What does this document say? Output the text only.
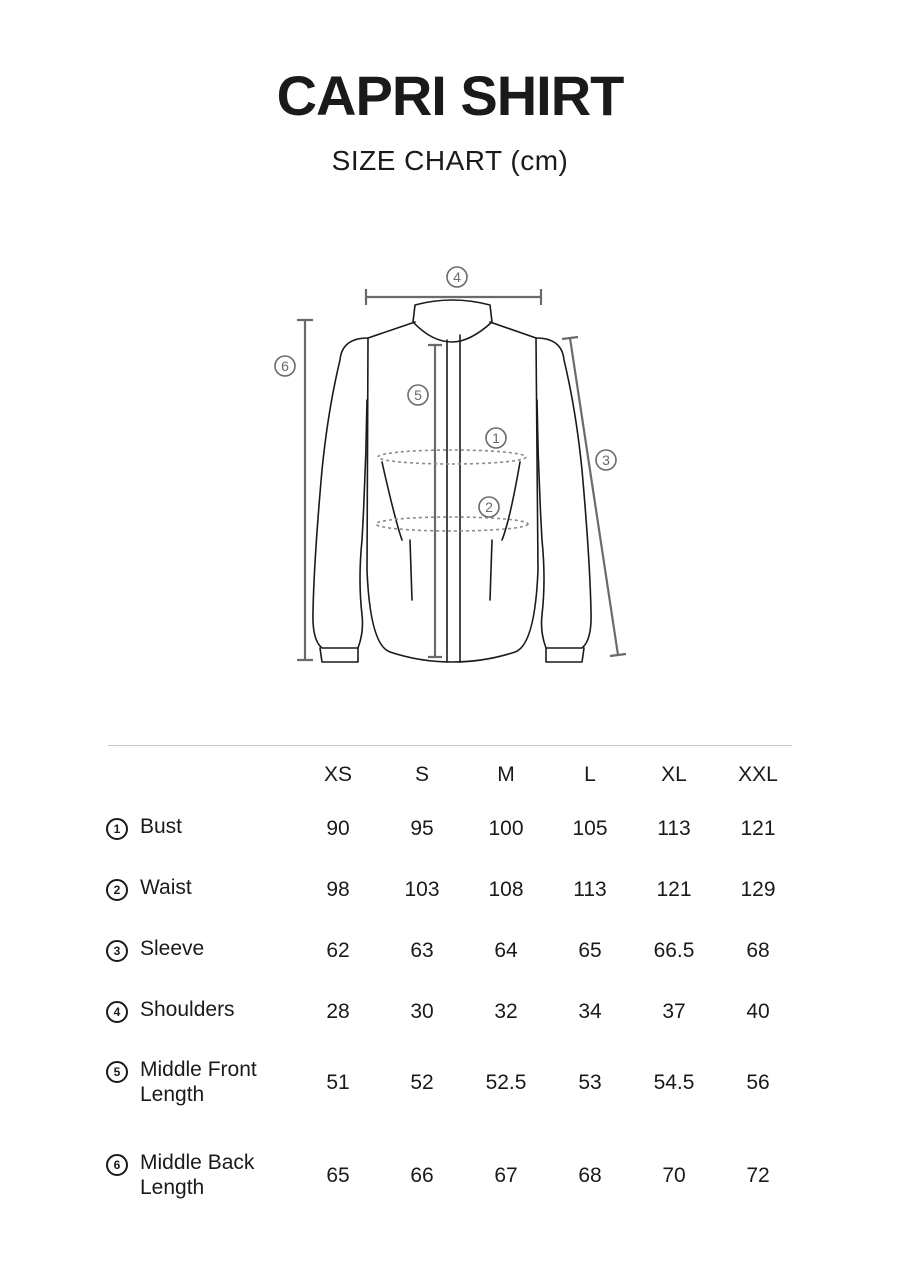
CAPRI SHIRT
SIZE CHART (cm)
4
6
5
1
2
3
	XS	S	M	L	XL	XXL

1 Bust	90	95	100	105	113	121

2 Waist	98	103	108	113	121	129

3 Sleeve	62	63	64	65	66.5	68

4 Shoulders	28	30	32	34	37	40

5 Middle Front
Length	51	52	52.5	53	54.5	56

6 Middle Back
Length	65	66	67	68	70	72
